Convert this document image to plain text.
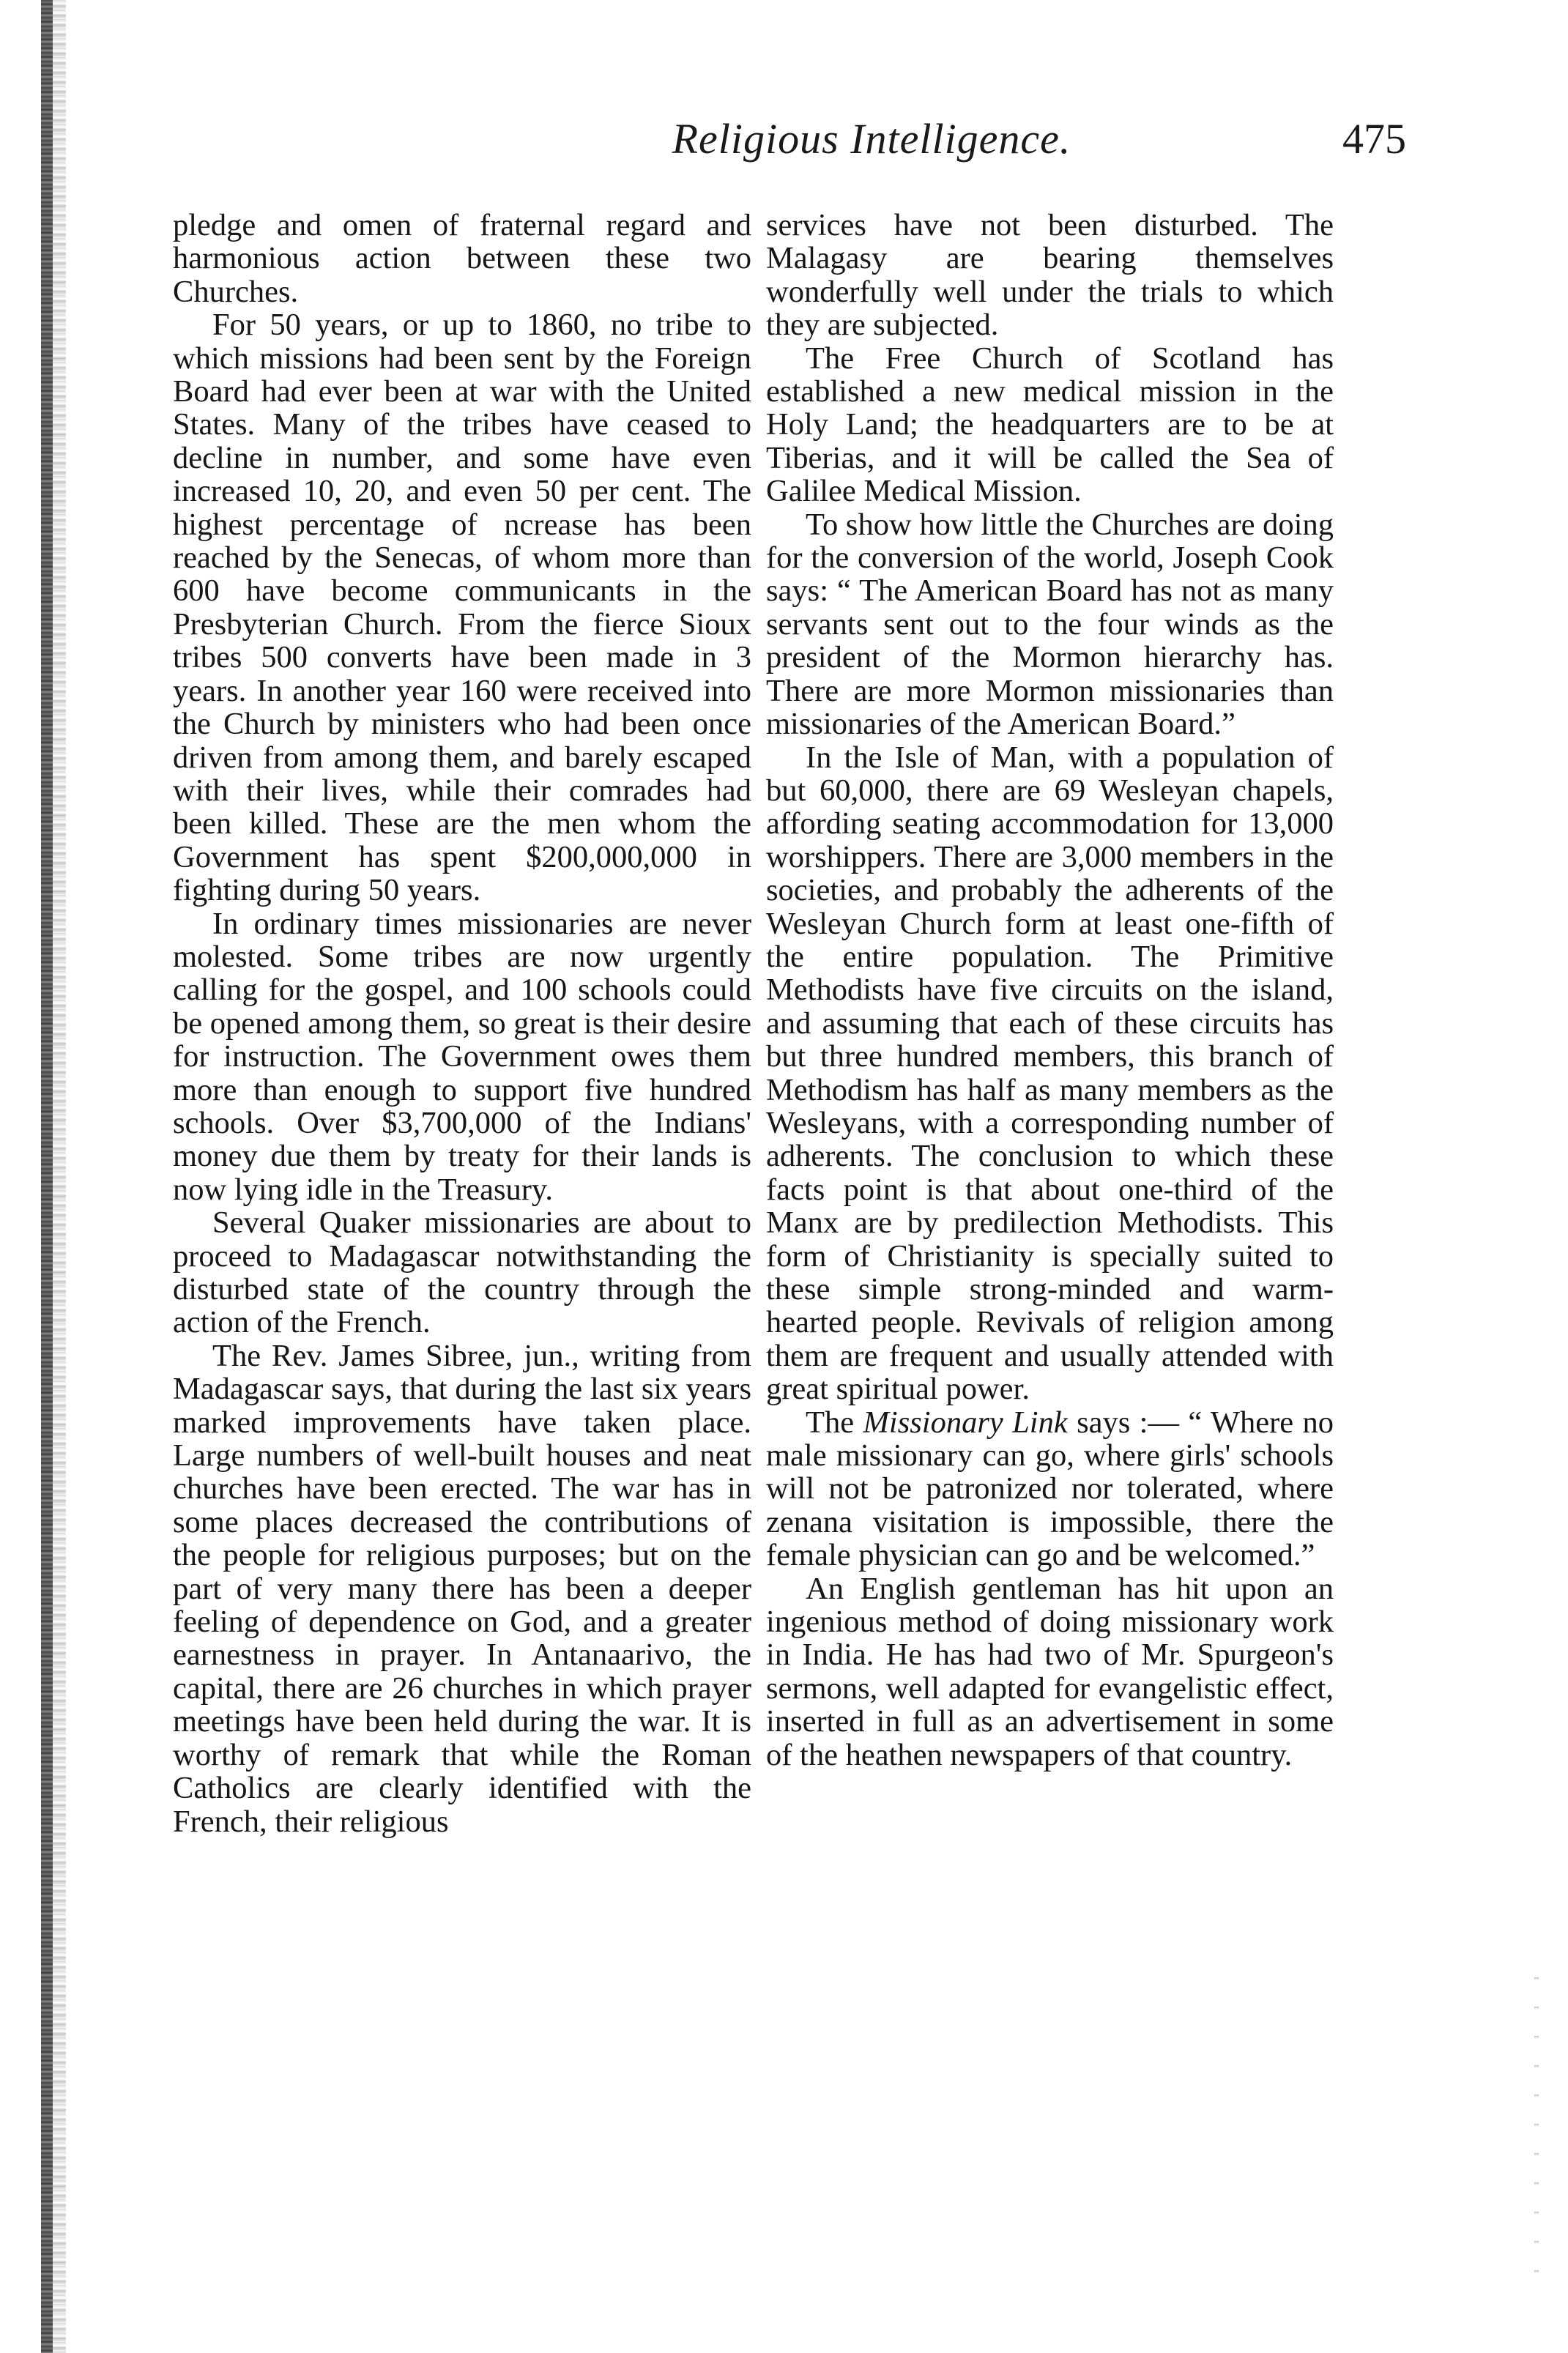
Religious Intelligence.	475

pledge and omen of fraternal regard and harmonious action between these two Churches.

For 50 years, or up to 1860, no tribe to which missions had been sent by the Foreign Board had ever been at war with the United States. Many of the tribes have ceased to decline in number, and some have even increased 10, 20, and even 50 per cent. The highest percentage of ncrease has been reached by the Senecas, of whom more than 600 have become communicants in the Presbyterian Church. From the fierce Sioux tribes 500 converts have been made in 3 years. In another year 160 were received into the Church by ministers who had been once driven from among them, and barely escaped with their lives, while their comrades had been killed. These are the men whom the Government has spent $200,000,000 in fighting during 50 years.

In ordinary times missionaries are never molested. Some tribes are now urgently calling for the gospel, and 100 schools could be opened among them, so great is their desire for instruction. The Government owes them more than enough to support five hundred schools. Over $3,700,000 of the Indians' money due them by treaty for their lands is now lying idle in the Treasury.

Several Quaker missionaries are about to proceed to Madagascar notwithstanding the disturbed state of the country through the action of the French.

The Rev. James Sibree, jun., writing from Madagascar says, that during the last six years marked improvements have taken place. Large numbers of well-built houses and neat churches have been erected. The war has in some places decreased the contributions of the people for religious purposes; but on the part of very many there has been a deeper feeling of dependence on God, and a greater earnestness in prayer. In Antanaarivo, the capital, there are 26 churches in which prayer meetings have been held during the war. It is worthy of remark that while the Roman Catholics are clearly identified with the French, their religious

services have not been disturbed. The Malagasy are bearing themselves wonderfully well under the trials to which they are subjected.

The Free Church of Scotland has established a new medical mission in the Holy Land; the headquarters are to be at Tiberias, and it will be called the Sea of Galilee Medical Mission.

To show how little the Churches are doing for the conversion of the world, Joseph Cook says: “ The American Board has not as many servants sent out to the four winds as the president of the Mormon hierarchy has. There are more Mormon missionaries than missionaries of the American Board.”

In the Isle of Man, with a population of but 60,000, there are 69 Wesleyan chapels, affording seating accommodation for 13,000 worshippers. There are 3,000 members in the societies, and probably the adherents of the Wesleyan Church form at least one-fifth of the entire population. The Primitive Methodists have five circuits on the island, and assuming that each of these circuits has but three hundred members, this branch of Methodism has half as many members as the Wesleyans, with a corresponding number of adherents. The conclusion to which these facts point is that about one-third of the Manx are by predilection Methodists. This form of Christianity is specially suited to these simple strong-minded and warm-hearted people. Revivals of religion among them are frequent and usually attended with great spiritual power.

The Missionary Link says :— “ Where no male missionary can go, where girls' schools will not be patronized nor tolerated, where zenana visitation is impossible, there the female physician can go and be welcomed.”

An English gentleman has hit upon an ingenious method of doing missionary work in India. He has had two of Mr. Spurgeon's sermons, well adapted for evangelistic effect, inserted in full as an advertisement in some of the heathen newspapers of that country.
